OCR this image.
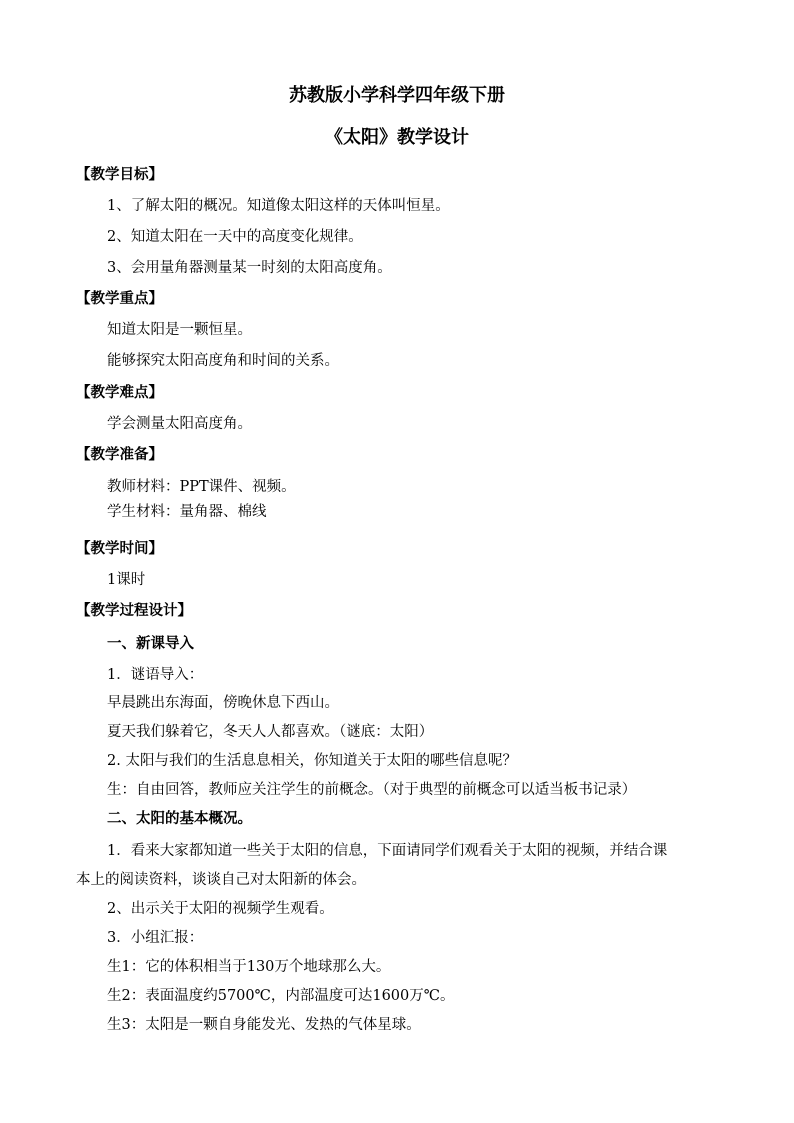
苏教版小学科学四年级下册
《太阳》教学设计
【教学目标】
1、了解太阳的概况。知道像太阳这样的天体叫恒星。
2、知道太阳在一天中的高度变化规律。
3、会用量角器测量某一时刻的太阳高度角。
【教学重点】
知道太阳是一颗恒星。
能够探究太阳高度角和时间的关系。
【教学难点】
学会测量太阳高度角。
【教学准备】
教师材料：PPT课件、视频。
学生材料：量角器、棉线
【教学时间】
1课时
【教学过程设计】
一、新课导入
1．谜语导入：
早晨跳出东海面，傍晚休息下西山。
夏天我们躲着它，冬天人人都喜欢。（谜底：太阳）
2. 太阳与我们的生活息息相关，你知道关于太阳的哪些信息呢？
生：自由回答，教师应关注学生的前概念。（对于典型的前概念可以适当板书记录）
二、太阳的基本概况。
1．看来大家都知道一些关于太阳的信息，下面请同学们观看关于太阳的视频，并结合课
本上的阅读资料，谈谈自己对太阳新的体会。
2、出示关于太阳的视频学生观看。
3．小组汇报：
生1：它的体积相当于130万个地球那么大。
生2：表面温度约5700℃，内部温度可达1600万℃。
生3：太阳是一颗自身能发光、发热的气体星球。
